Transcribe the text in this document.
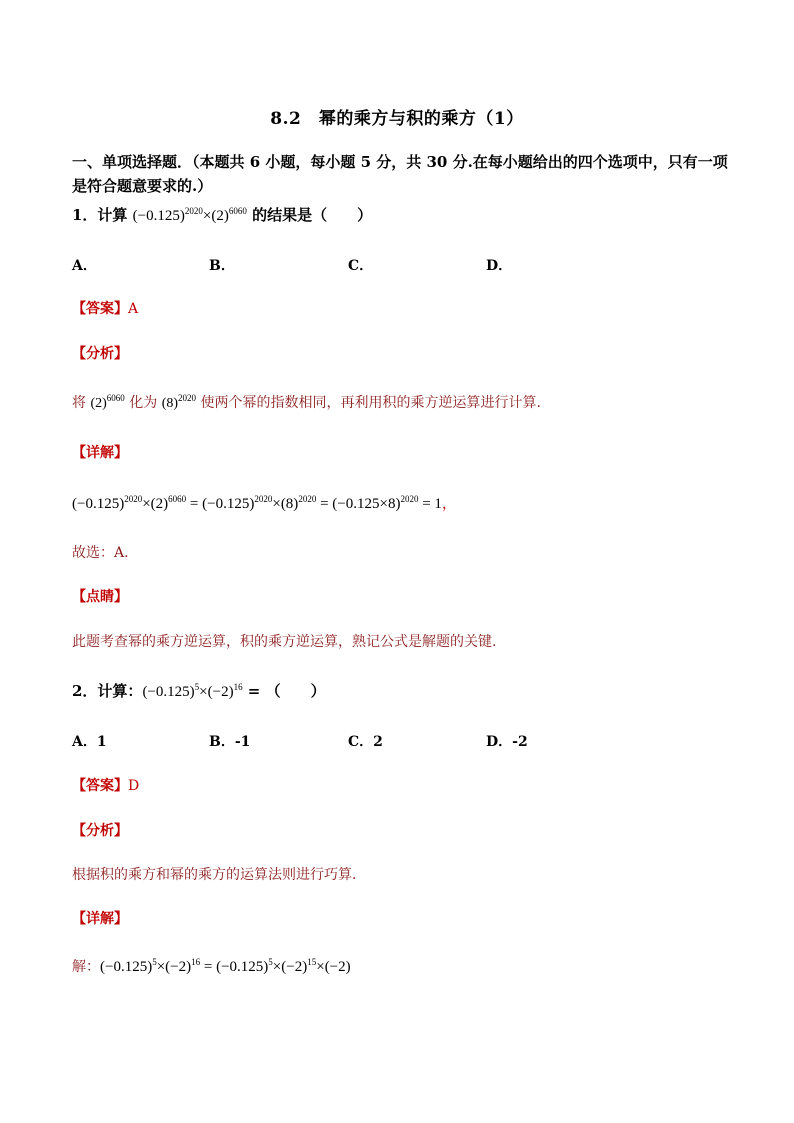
8.2　幂的乘方与积的乘方（1）
一、单项选择题．（本题共 6 小题，每小题 5 分，共 30 分.在每小题给出的四个选项中，只有一项是符合题意要求的.）
1．计算 $(-0.125)^{2020}\times(2)^{6060}$ 的结果是（　　）
A．	B．	C．	D．
【答案】A
【分析】
将 $(2)^{6060}$ 化为 $(8)^{2020}$ 使两个幂的指数相同，再利用积的乘方逆运算进行计算.
【详解】
$(-0.125)^{2020}\times(2)^{6060} = (-0.125)^{2020}\times(8)^{2020} = (-0.125\times 8)^{2020} = 1$，
故选：A.
【点睛】
此题考查幂的乘方逆运算，积的乘方逆运算，熟记公式是解题的关键.
2．计算：$(-0.125)^5\times(-2)^{16}$ = （　　）
A．1	B．-1	C．2	D．-2
【答案】D
【分析】
根据积的乘方和幂的乘方的运算法则进行巧算．
【详解】
解：$(-0.125)^5\times(-2)^{16} = (-0.125)^5\times(-2)^{15}\times(-2)$
